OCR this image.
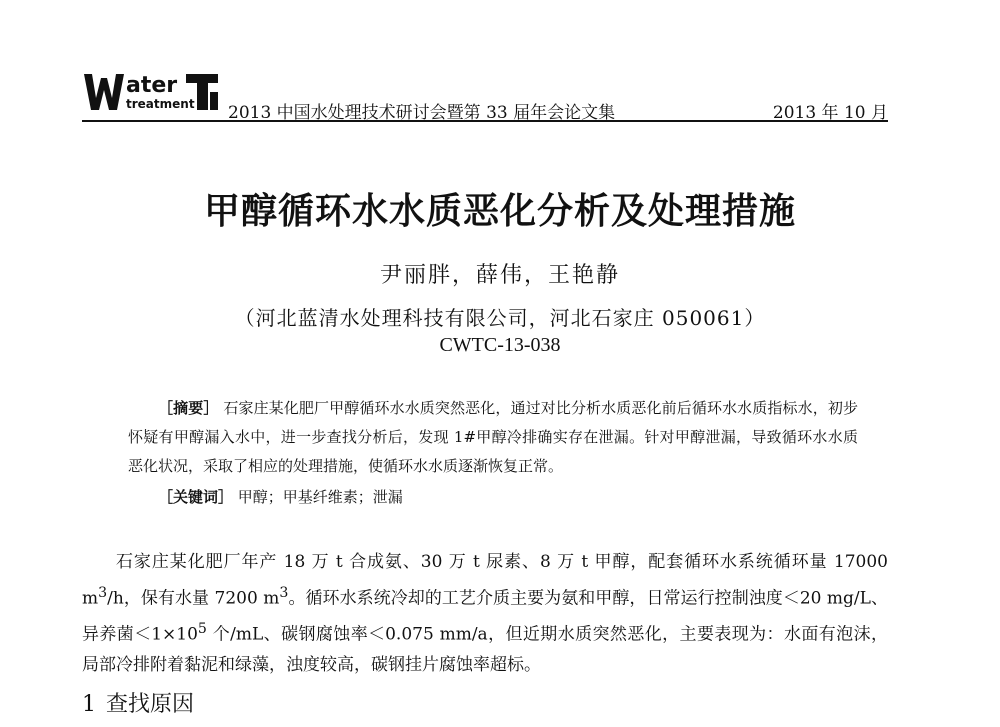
ater
treatment 2013 中国水处理技术研讨会暨第 33 届年会论文集	2013 年 10 月
甲醇循环水水质恶化分析及处理措施
尹丽胖，薛伟，王艳静
（河北蓝清水处理科技有限公司，河北石家庄 050061）
CWTC-13-038
［摘要］ 石家庄某化肥厂甲醇循环水水质突然恶化，通过对比分析水质恶化前后循环水水质指标水，初步怀疑有甲醇漏入水中，进一步查找分析后，发现 1#甲醇冷排确实存在泄漏。针对甲醇泄漏，导致循环水水质恶化状况，采取了相应的处理措施，使循环水水质逐渐恢复正常。
［关键词］ 甲醇；甲基纤维素；泄漏
石家庄某化肥厂年产 18 万 t 合成氨、30 万 t 尿素、8 万 t 甲醇，配套循环水系统循环量 17000 $m^3/h$，保有水量 7200 $m^3$。循环水系统冷却的工艺介质主要为氨和甲醇，日常运行控制浊度＜20 mg/L、异养菌$<1\times 10^5$ 个/mL、碳钢腐蚀率＜0.075 mm/a，但近期水质突然恶化，主要表现为：水面有泡沫，局部冷排附着黏泥和绿藻，浊度较高，碳钢挂片腐蚀率超标。
1 查找原因
